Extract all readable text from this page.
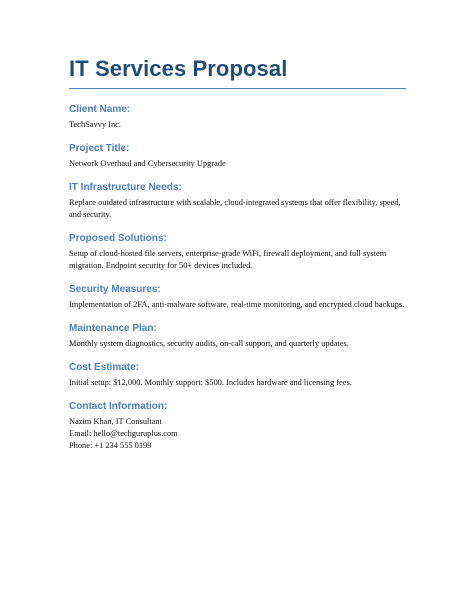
IT Services Proposal
Client Name:
TechSavvy Inc.
Project Title:
Network Overhaul and Cybersecurity Upgrade
IT Infrastructure Needs:
Replace outdated infrastructure with scalable, cloud-integrated systems that offer flexibility, speed, and security.
Proposed Solutions:
Setup of cloud-hosted file servers, enterprise-grade WiFi, firewall deployment, and full system migration. Endpoint security for 50+ devices included.
Security Measures:
Implementation of 2FA, anti-malware software, real-time monitoring, and encrypted cloud backups.
Maintenance Plan:
Monthly system diagnostics, security audits, on-call support, and quarterly updates.
Cost Estimate:
Initial setup: $12,000. Monthly support: $500. Includes hardware and licensing fees.
Contact Information:
Nazim Khan, IT Consultant
Email: hello@techguruplus.com
Phone: +1 234 555 0199
